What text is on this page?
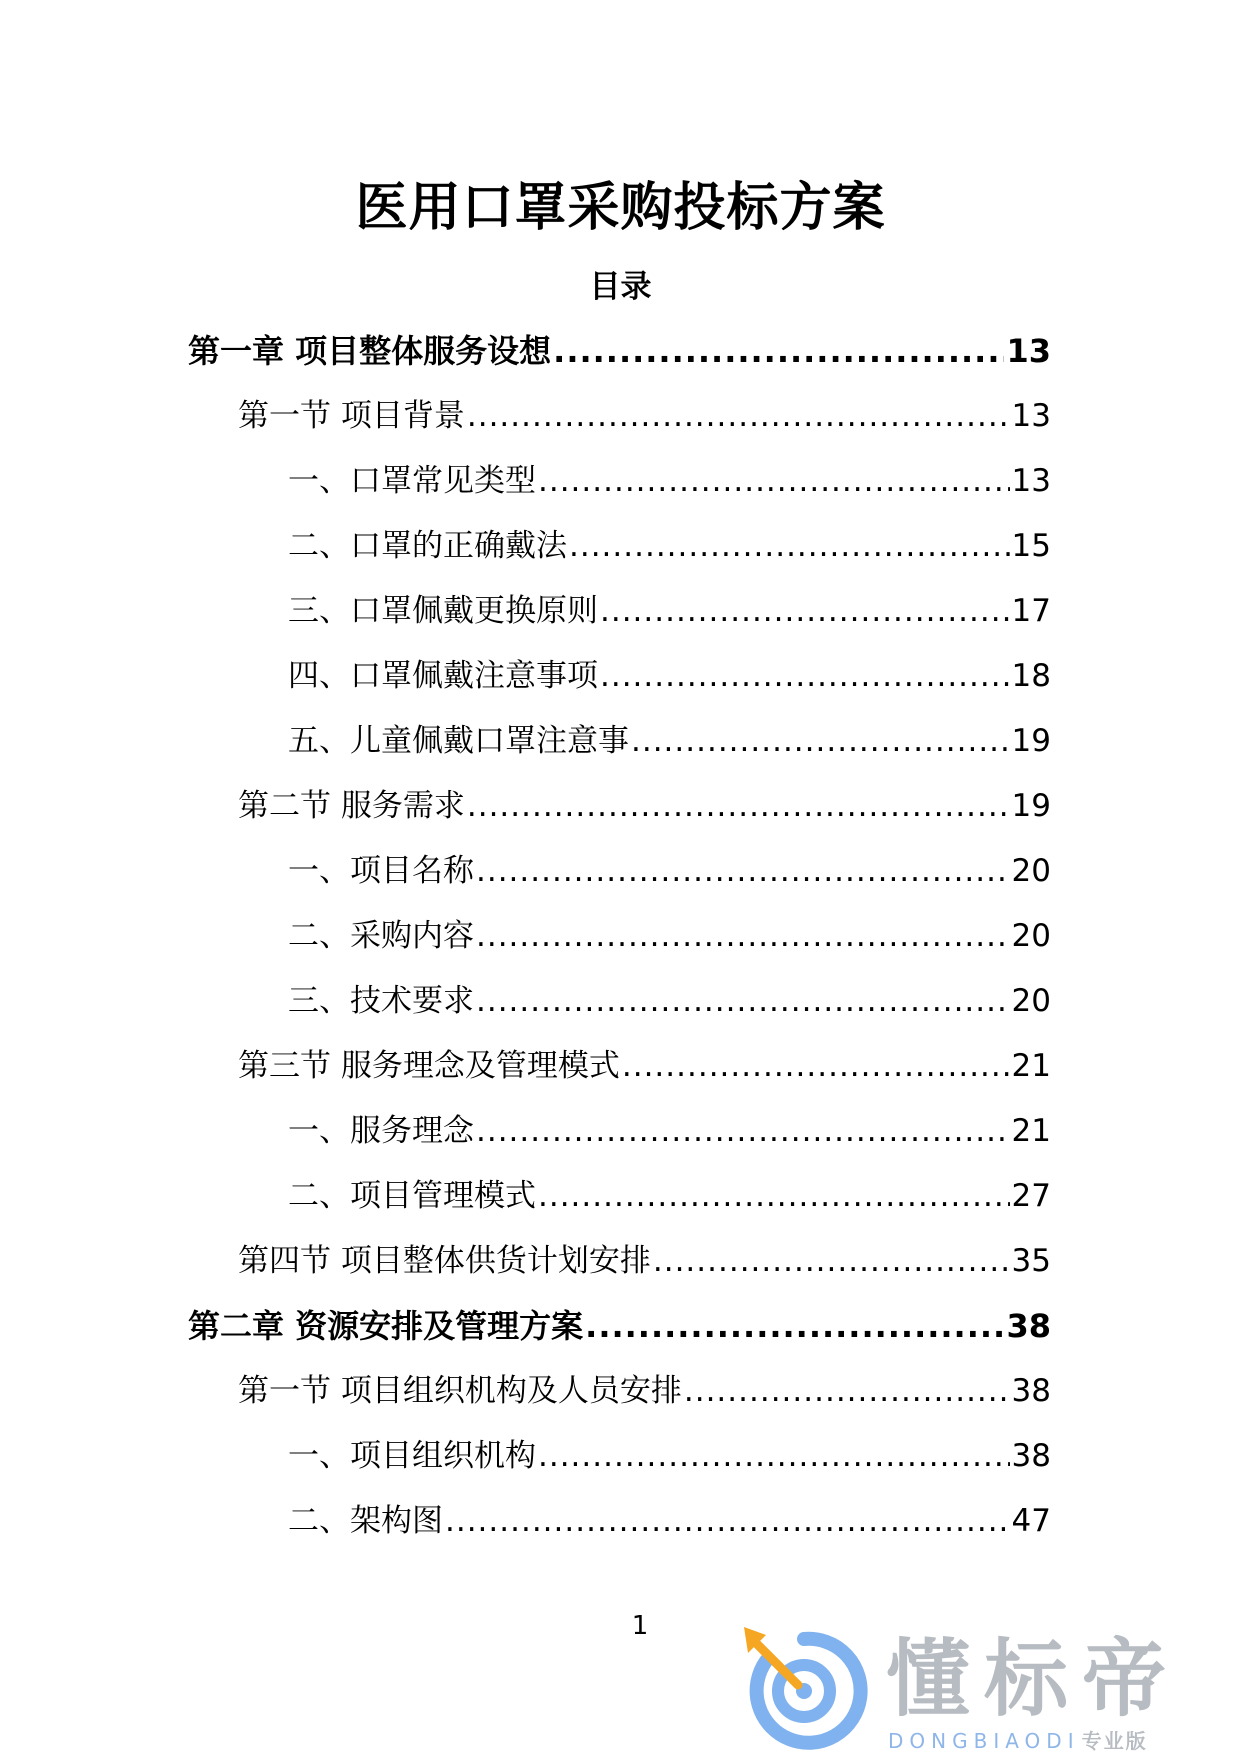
医用口罩采购投标方案
目录
第一章 项目整体服务设想 .....	13
第一节 项目背景 .....	13
一、口罩常见类型 .....	13
二、口罩的正确戴法 .....	15
三、口罩佩戴更换原则 .....	17
四、口罩佩戴注意事项 .....	18
五、儿童佩戴口罩注意事 .....	19
第二节 服务需求 .....	19
一、项目名称 .....	20
二、采购内容 .....	20
三、技术要求 .....	20
第三节 服务理念及管理模式 .....	21
一、服务理念 .....	21
二、项目管理模式 .....	27
第四节 项目整体供货计划安排 .....	35
第二章 资源安排及管理方案 .....	38
第一节 项目组织机构及人员安排 .....	38
一、项目组织机构 .....	38
二、架构图 .....	47
1
懂标帝
DONGBIAODI 专业版
